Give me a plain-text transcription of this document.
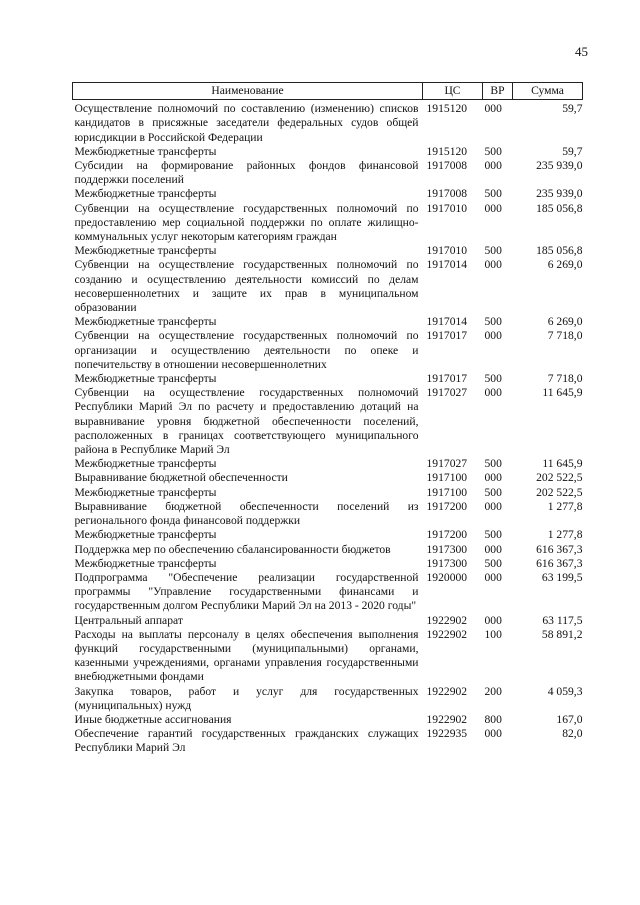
45
Наименование	ЦС	ВР	Сумма
Осуществление полномочий по составлению (изменению) списков кандидатов в присяжные заседатели федеральных судов общей юрисдикции в Российской Федерации	1915120	000	59,7
Межбюджетные трансферты	1915120	500	59,7
Субсидии на формирование районных фондов финансовой поддержки поселений	1917008	000	235 939,0
Межбюджетные трансферты	1917008	500	235 939,0
Субвенции на осуществление государственных полномочий по предоставлению мер социальной поддержки по оплате жилищно-коммунальных услуг некоторым категориям граждан	1917010	000	185 056,8
Межбюджетные трансферты	1917010	500	185 056,8
Субвенции на осуществление государственных полномочий по созданию и осуществлению деятельности комиссий по делам несовершеннолетних и защите их прав в муниципальном образовании	1917014	000	6 269,0
Межбюджетные трансферты	1917014	500	6 269,0
Субвенции на осуществление государственных полномочий по организации и осуществлению деятельности по опеке и попечительству в отношении несовершеннолетних	1917017	000	7 718,0
Межбюджетные трансферты	1917017	500	7 718,0
Субвенции на осуществление государственных полномочий Республики Марий Эл по расчету и предоставлению дотаций на выравнивание уровня бюджетной обеспеченности поселений, расположенных в границах соответствующего муниципального района в Республике Марий Эл	1917027	000	11 645,9
Межбюджетные трансферты	1917027	500	11 645,9
Выравнивание бюджетной обеспеченности	1917100	000	202 522,5
Межбюджетные трансферты	1917100	500	202 522,5
Выравнивание бюджетной обеспеченности поселений из регионального фонда финансовой поддержки	1917200	000	1 277,8
Межбюджетные трансферты	1917200	500	1 277,8
Поддержка мер по обеспечению сбалансированности бюджетов	1917300	000	616 367,3
Межбюджетные трансферты	1917300	500	616 367,3
Подпрограмма "Обеспечение реализации государственной программы "Управление государственными финансами и государственным долгом Республики Марий Эл на 2013 - 2020 годы"	1920000	000	63 199,5
Центральный аппарат	1922902	000	63 117,5
Расходы на выплаты персоналу в целях обеспечения выполнения функций государственными (муниципальными) органами, казенными учреждениями, органами управления государственными внебюджетными фондами	1922902	100	58 891,2
Закупка товаров, работ и услуг для государственных (муниципальных) нужд	1922902	200	4 059,3
Иные бюджетные ассигнования	1922902	800	167,0
Обеспечение гарантий государственных гражданских служащих Республики Марий Эл	1922935	000	82,0
